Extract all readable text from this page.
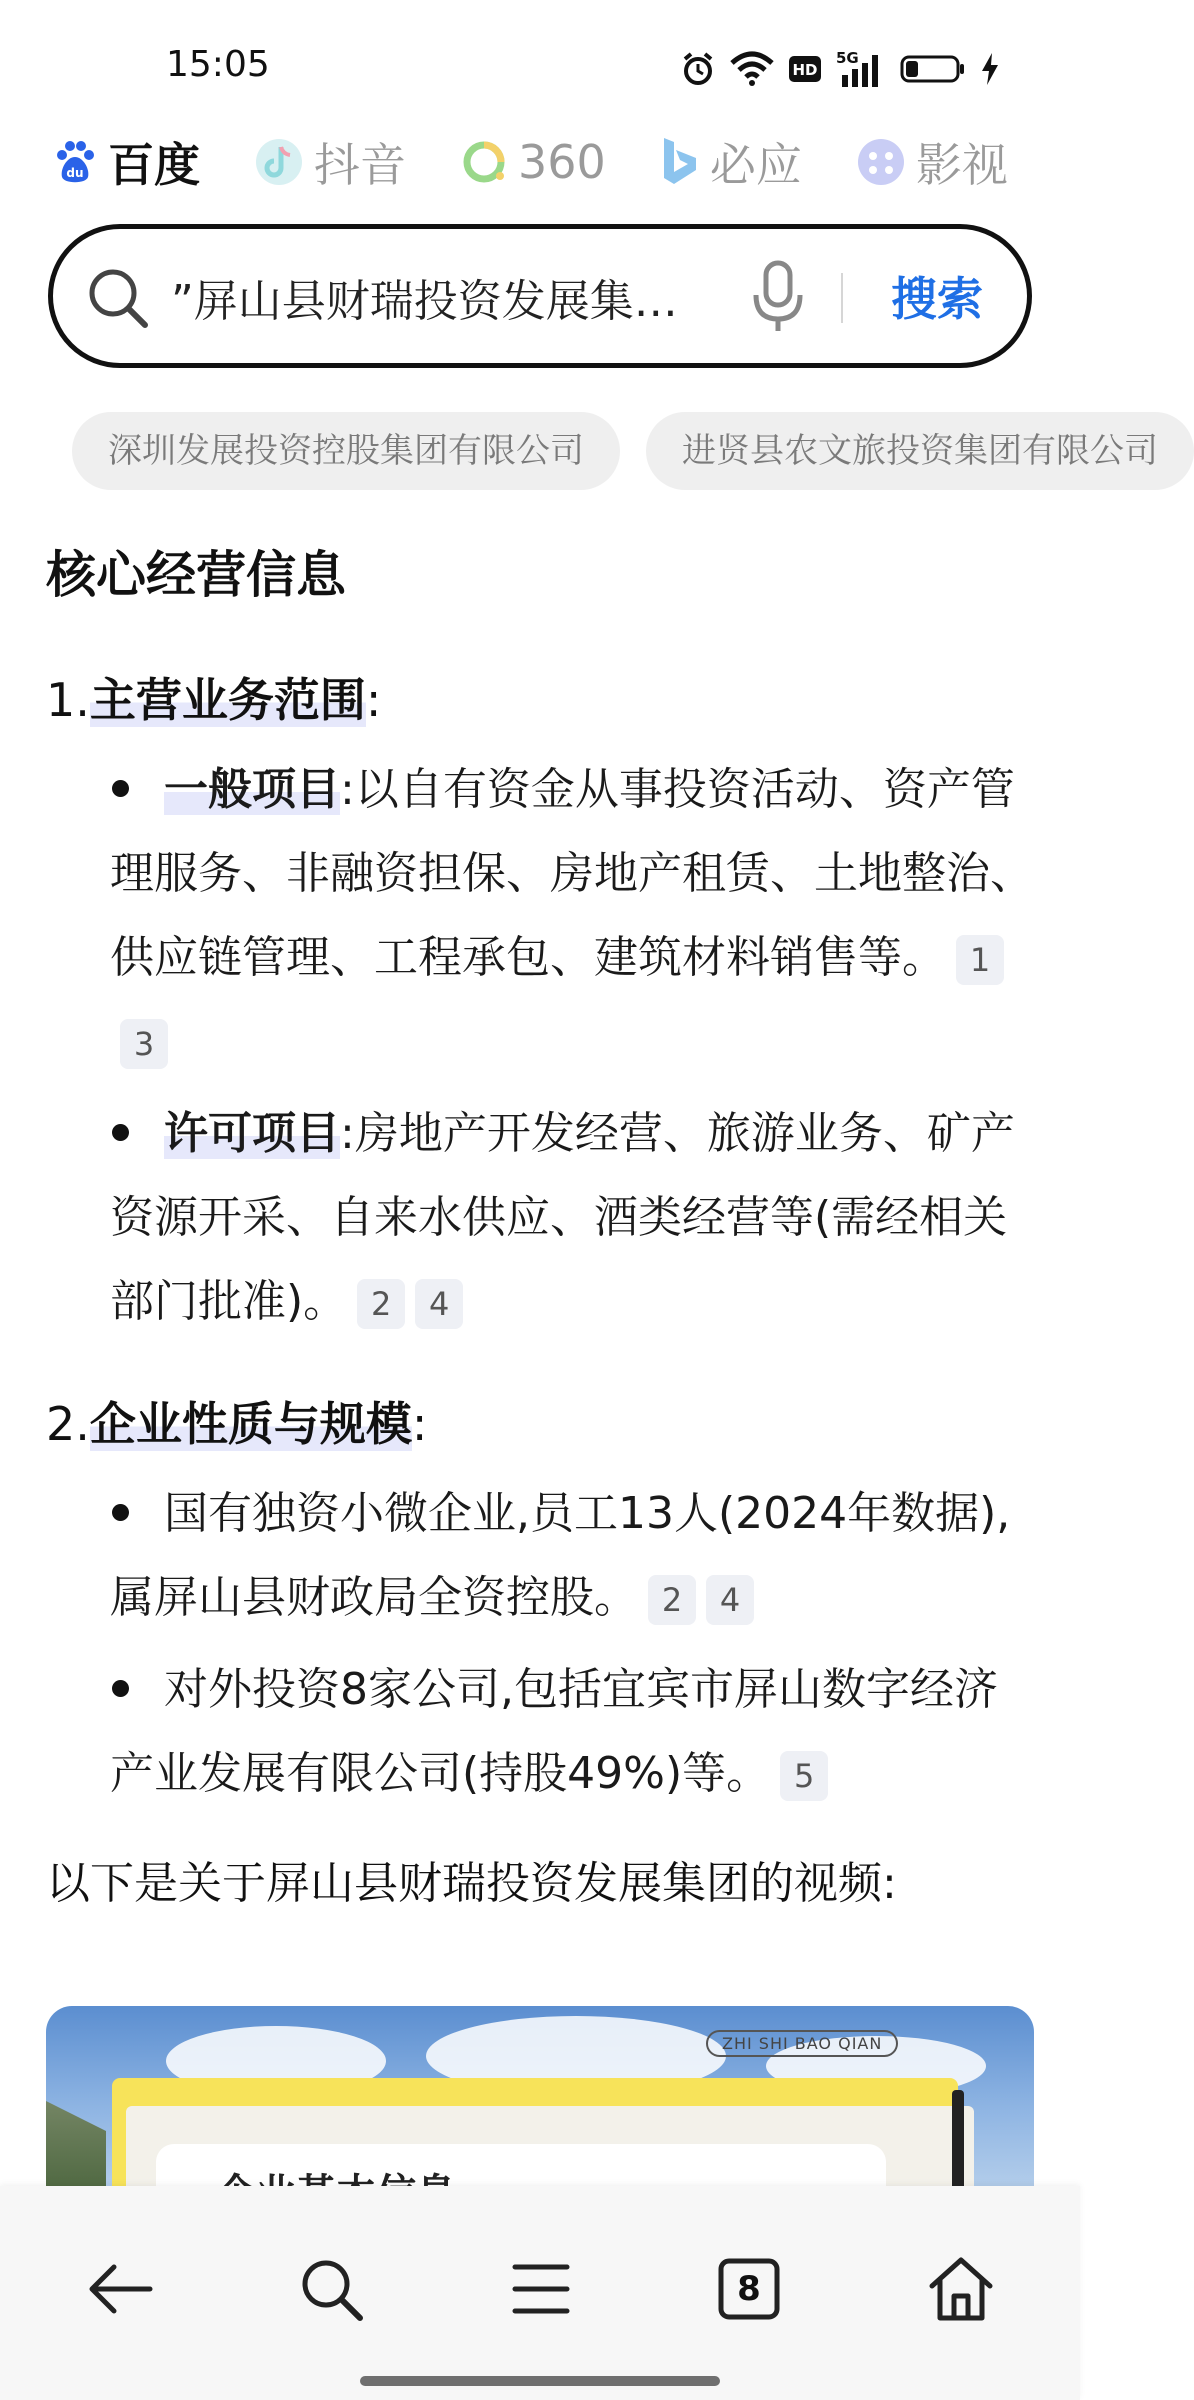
15:05	HD
5G
du 百度 抖音 360 必应 影视
”屏山县财瑞投资发展集…	搜索
深圳发展投资控股集团有限公司	进贤县农文旅投资集团有限公司
核心经营信息
1.主营业务范围:
一般项目:以自有资金从事投资活动、资产管理服务、非融资担保、房地产租赁、土地整治、供应链管理、工程承包、建筑材料销售等。 13
许可项目:房地产开发经营、旅游业务、矿产资源开采、自来水供应、酒类经营等(需经相关部门批准)。 2 4
2.企业性质与规模:
国有独资小微企业,员工13人(2024年数据),属屏山县财政局全资控股。 2 4
对外投资8家公司,包括宜宾市屏山数字经济产业发展有限公司(持股49%)等。 5
以下是关于屏山县财瑞投资发展集团的视频:
ZHI SHI BAO QIAN
8
